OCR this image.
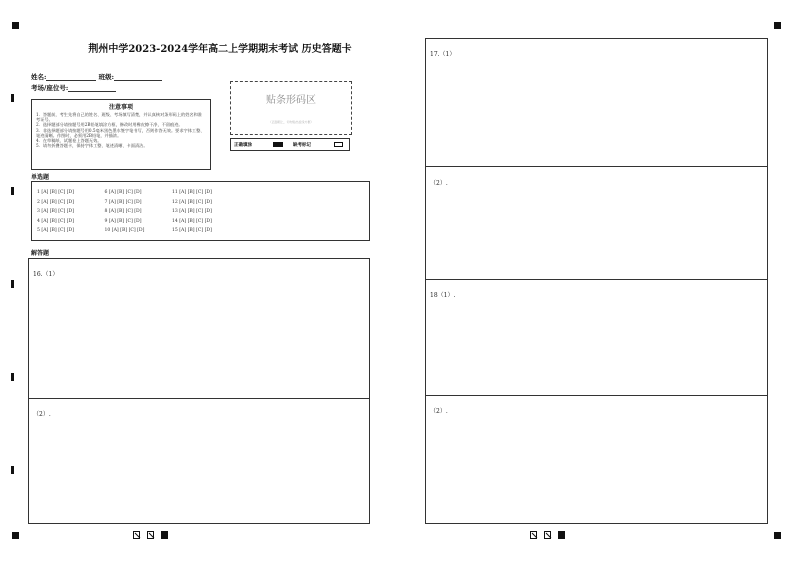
荆州中学2023-2024学年高二上学期期末考试 历史答题卡
姓名:	班级:
考场/座位号:
注意事项
1．答题前，考生先将自己的姓名、班级、考场填写清楚，并认真核对条形码上的姓名和准考证号。
2．选择题部分请按题号用2B铅笔填涂方框，修改时用橡皮擦干净，不留痕迹。
3．非选择题部分请按题号用0.5毫米黑色墨水签字笔书写，否则作答无效。要求字体工整、笔迹清晰。作图时，必须用2B铅笔，并描浓。
4．在草稿纸、试题卷上答题无效。
5．请勿折叠答题卡，保持字体工整、笔迹清晰、卡面清洁。
贴条形码区
（正面朝上，切勿贴出虚线方框）
正确填涂	缺考标记
单选题
1 [A] [B] [C] [D]	6 [A] [B] [C] [D]	11 [A] [B] [C] [D]
2 [A] [B] [C] [D]	7 [A] [B] [C] [D]	12 [A] [B] [C] [D]
3 [A] [B] [C] [D]	8 [A] [B] [C] [D]	13 [A] [B] [C] [D]
4 [A] [B] [C] [D]	9 [A] [B] [C] [D]	14 [A] [B] [C] [D]
5 [A] [B] [C] [D]	10 [A] [B] [C] [D]	15 [A] [B] [C] [D]
解答题
16.（1）
（2）.
17.（1）
（2）.
18（1）.
（2）.
